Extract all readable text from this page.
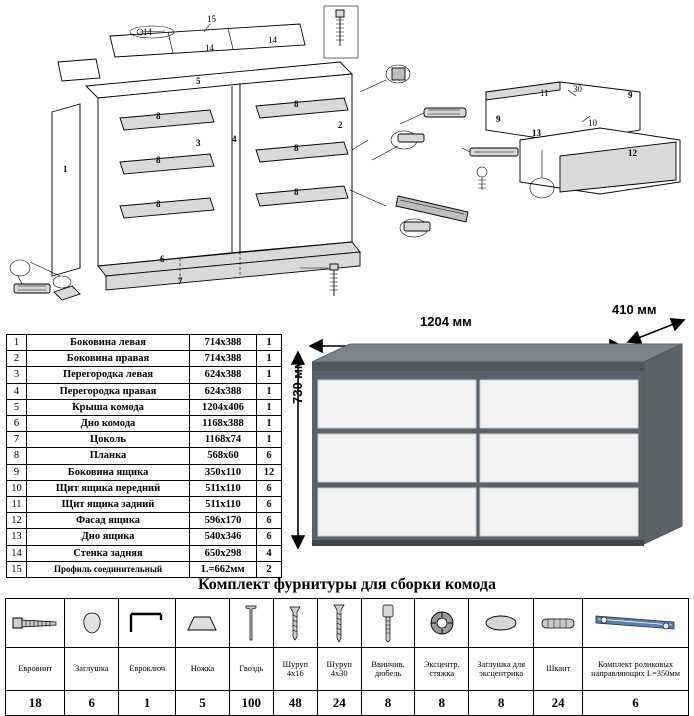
15
14
14
14
5
1
3	4
8
8
8
8
8
8
2
6
7
9
9
13
11	30
10
12
1	Боковина левая	714х388	1
2	Боковина правая	714х388	1
3	Перегородка левая	624х388	1
4	Перегородка правая	624х388	1
5	Крыша комода	1204х406	1
6	Дно комода	1168х388	1
7	Цоколь	1168х74	1
8	Планка	568х60	6
9	Боковина ящика	350х110	12
10	Щит ящика передний	511х110	6
11	Щит ящика задний	511х110	6
12	Фасад ящика	596х170	6
13	Дно ящика	540х346	6
14	Стенка задняя	650х298	4
15	Профиль соединительный	L=662мм	2
1204 мм
410 мм
730 мм
Комплект фурнитуры для сборки комода

Евровинт	Заглушка	Евроключ	Ножка	Гвоздь	Шуруп 4х16	Шуруп 4х30	Ввинчив. дюбель	Эксцентр. стяжка	Заглушка для эксцентрика	Шкант	Комплект роликовых направляющих L=350мм
18	6	1	5	100	48	24	8	8	8	24	6
